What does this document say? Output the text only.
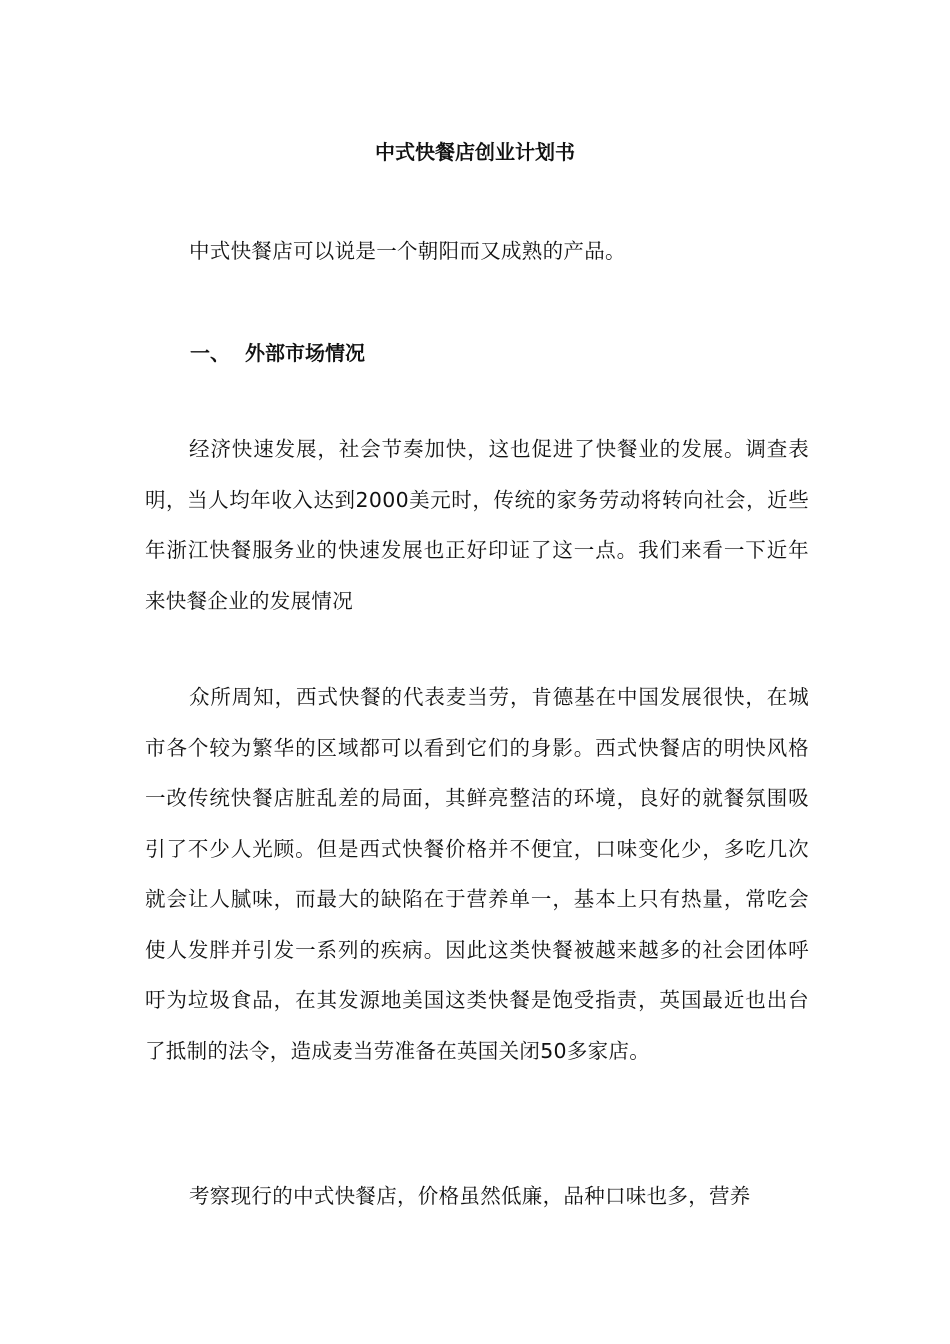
中式快餐店创业计划书

中式快餐店可以说是一个朝阳而又成熟的产品。

一、 外部市场情况

经济快速发展，社会节奏加快，这也促进了快餐业的发展。调查表明，当人均年收入达到2000美元时，传统的家务劳动将转向社会，近些年浙江快餐服务业的快速发展也正好印证了这一点。我们来看一下近年来快餐企业的发展情况

众所周知，西式快餐的代表麦当劳，肯德基在中国发展很快，在城市各个较为繁华的区域都可以看到它们的身影。西式快餐店的明快风格一改传统快餐店脏乱差的局面，其鲜亮整洁的环境，良好的就餐氛围吸引了不少人光顾。但是西式快餐价格并不便宜，口味变化少，多吃几次就会让人腻味，而最大的缺陷在于营养单一，基本上只有热量，常吃会使人发胖并引发一系列的疾病。因此这类快餐被越来越多的社会团体呼吁为垃圾食品，在其发源地美国这类快餐是饱受指责，英国最近也出台了抵制的法令，造成麦当劳准备在英国关闭50多家店。

考察现行的中式快餐店，价格虽然低廉，品种口味也多，营养
